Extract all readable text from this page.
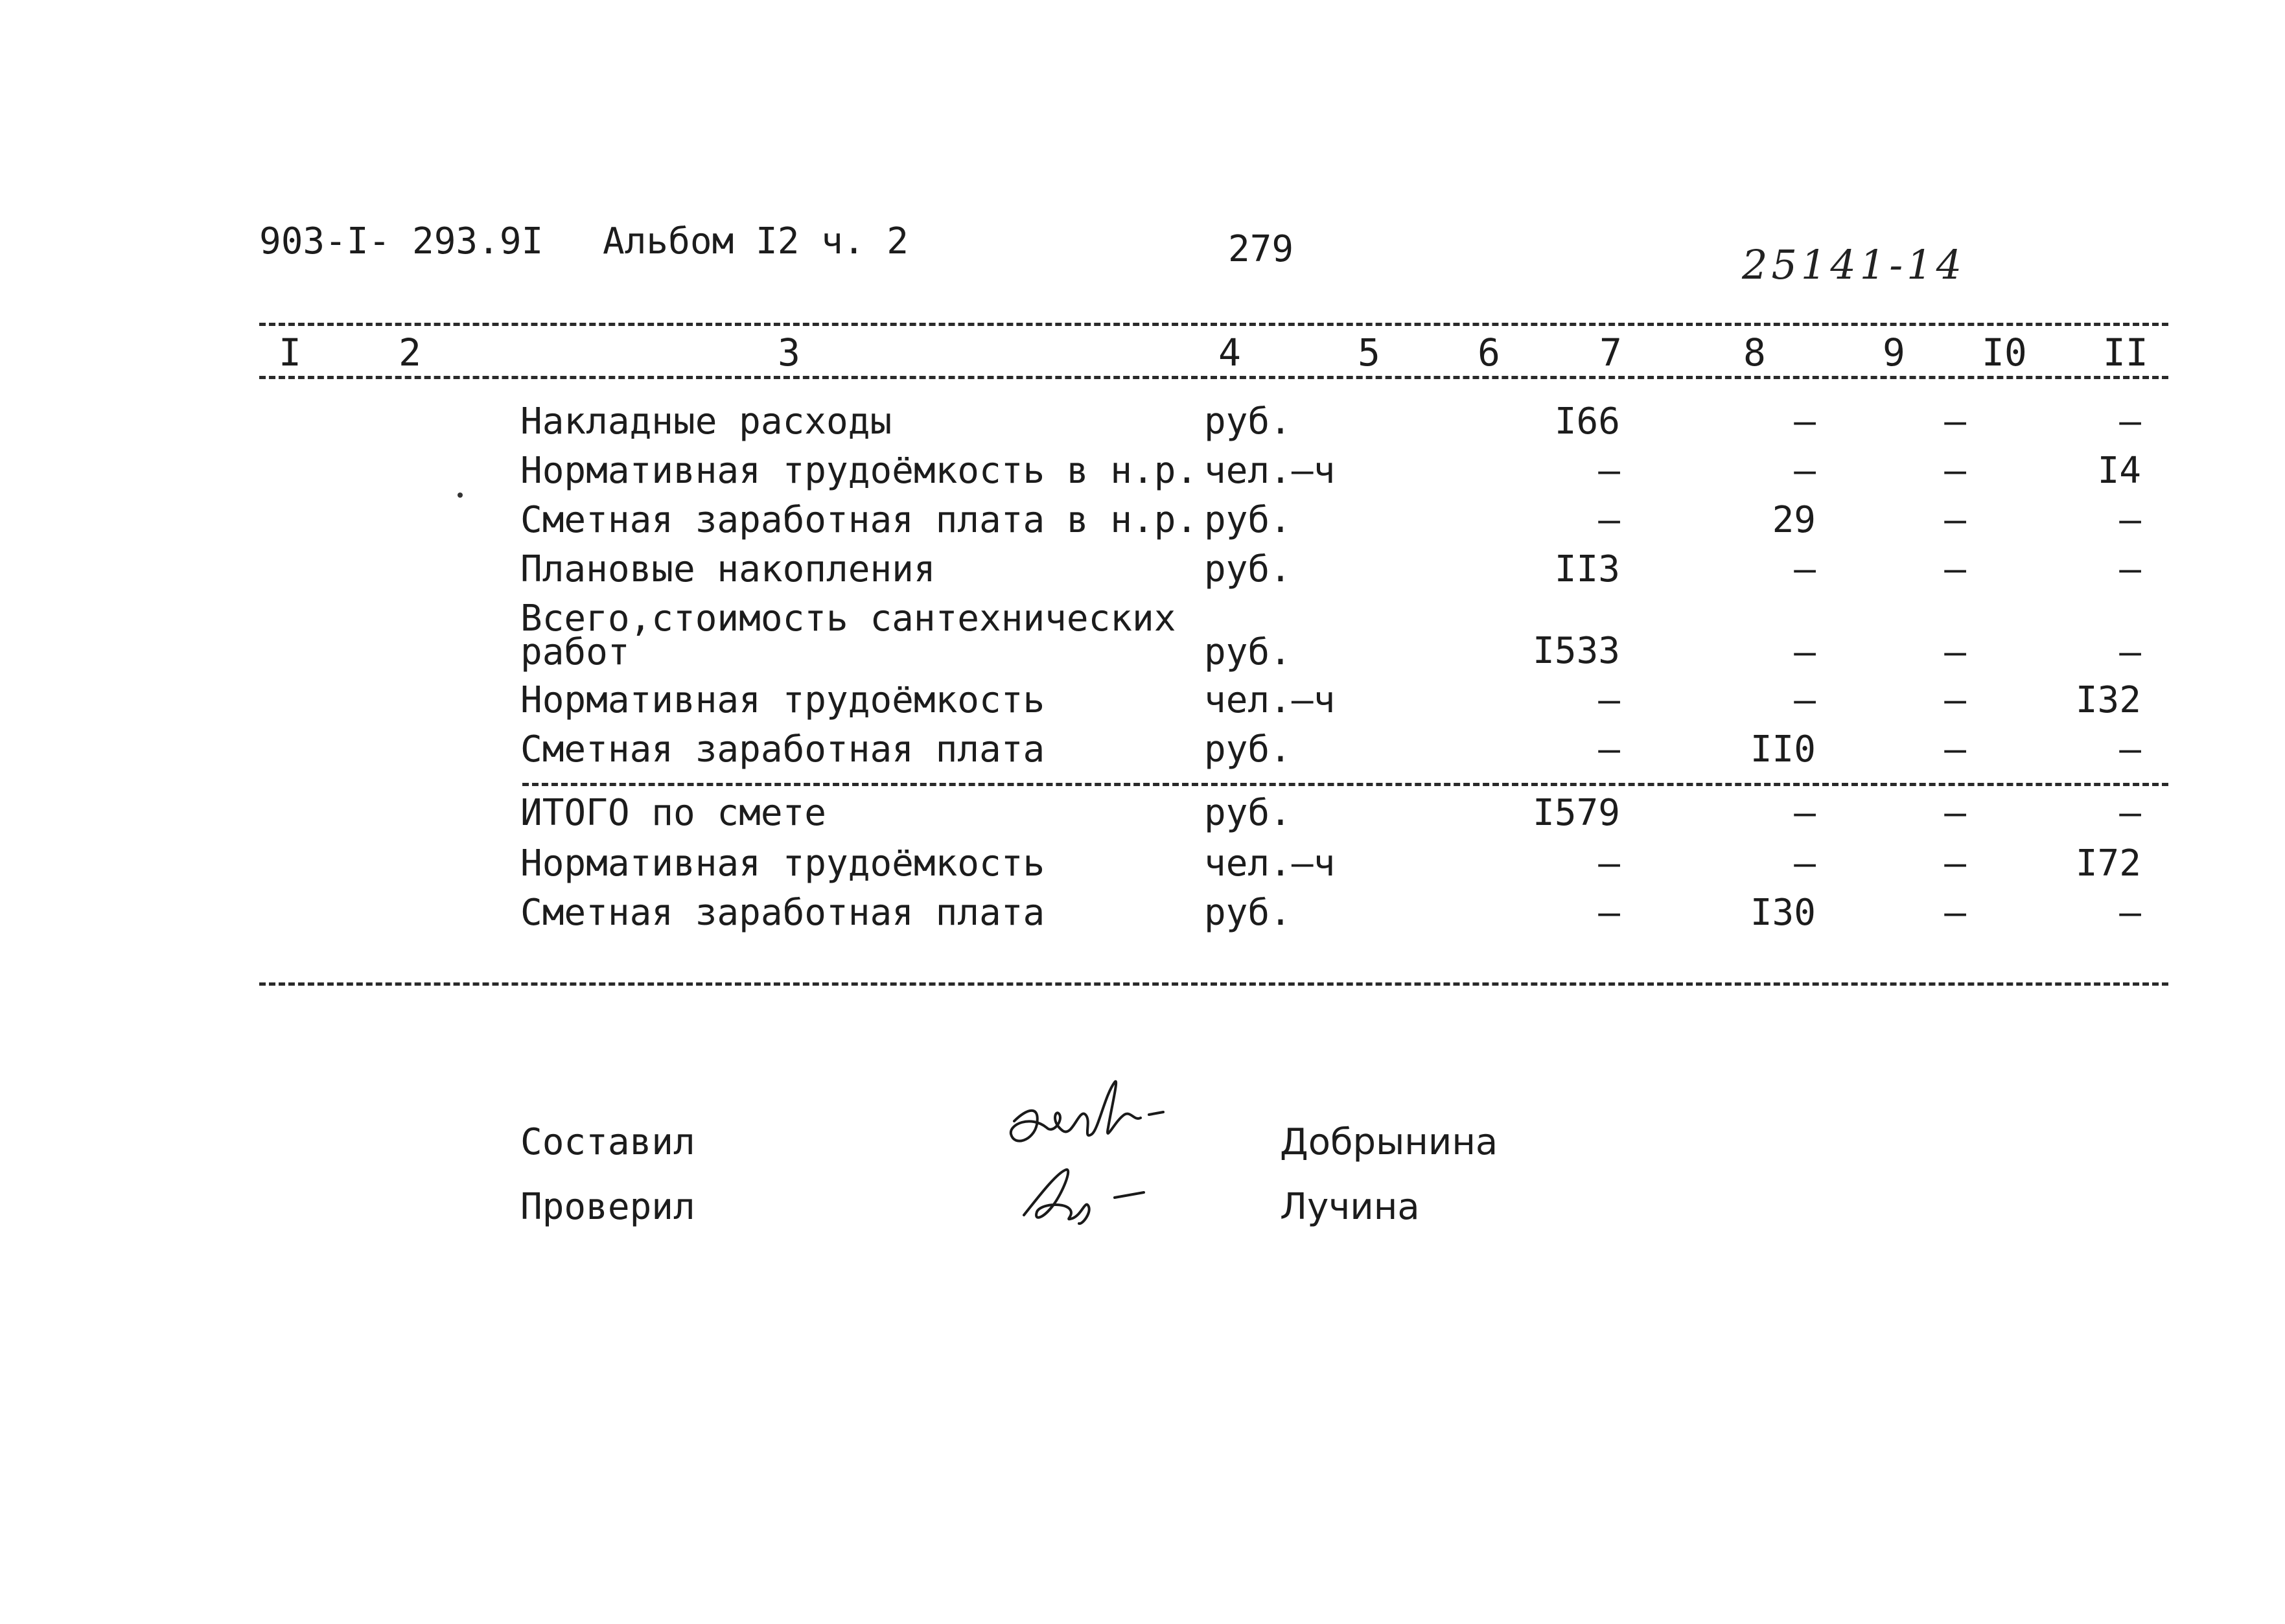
903-I- 293.9I Альбом I2 ч. 2	279	25141-14
I	2	3	4	5	6	7	8	9 I0 II
Накладные расходы	руб.	I66	–	–	–
Нормативная трудоёмкость в н.р. чел.–ч	–	–	–	I4
Сметная заработная плата в н.р. руб.	–	29	–	–
Плановые накопления	руб.	II3	–	–	–
Всего,стоимость сантехнических
работ	руб.	I533	–	–	–
Нормативная трудоёмкость	чел.–ч	–	–	–	I32
Сметная заработная плата	руб.	–	II0	–	–
ИТОГО по смете	руб.	I579	–	–	–
Нормативная трудоёмкость	чел.–ч	–	–	–	I72
Сметная заработная плата	руб.	–	I30	–	–
Составил
Проверил
Добрынина
Лучина
